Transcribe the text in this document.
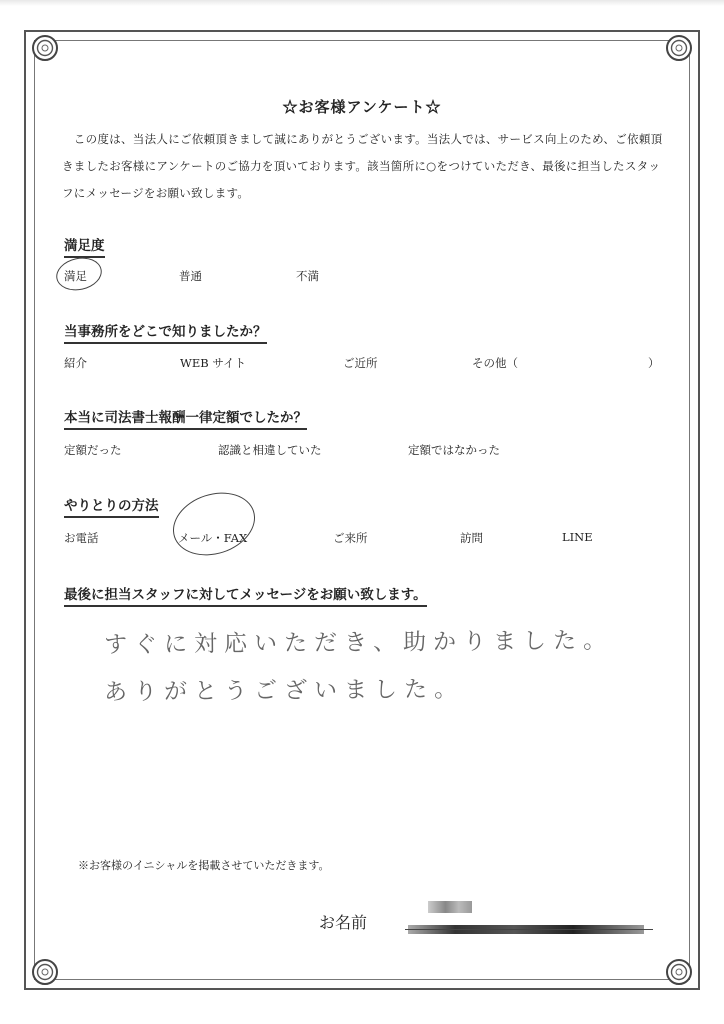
☆お客様アンケート☆
　この度は、当法人にご依頼頂きまして誠にありがとうございます。当法人では、サービス向上のため、ご依頼頂きましたお客様にアンケートのご協力を頂いております。該当箇所に○をつけていただき、最後に担当したスタッフにメッセージをお願い致します。
満足度
満足	普通	不満
当事務所をどこで知りましたか？
紹介	WEB サイト	ご近所	その他（	）
本当に司法書士報酬一律定額でしたか？
定額だった	認識と相違していた	定額ではなかった
やりとりの方法
お電話	メール・FAX	ご来所	訪問	LINE
最後に担当スタッフに対してメッセージをお願い致します。
すぐに対応いただき、助かりました。
ありがとうございました。
※お客様のイニシャルを掲載させていただきます。
お名前
